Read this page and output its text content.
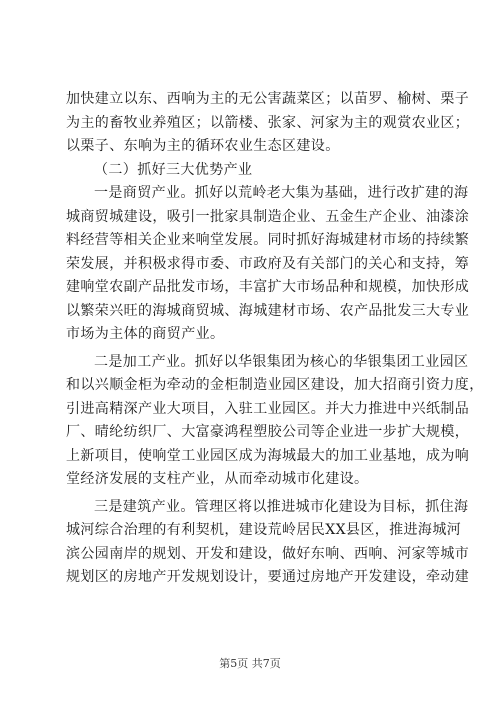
加快建立以东、西响为主的无公害蔬菜区；以苗罗、榆树、栗子
为主的畜牧业养殖区；以箭楼、张家、河家为主的观赏农业区；
以栗子、东响为主的循环农业生态区建设。
（二）抓好三大优势产业
一是商贸产业。抓好以荒岭老大集为基础，进行改扩建的海
城商贸城建设，吸引一批家具制造企业、五金生产企业、油漆涂
料经营等相关企业来响堂发展。同时抓好海城建材市场的持续繁
荣发展，并积极求得市委、市政府及有关部门的关心和支持，筹
建响堂农副产品批发市场，丰富扩大市场品种和规模，加快形成
以繁荣兴旺的海城商贸城、海城建材市场、农产品批发三大专业
市场为主体的商贸产业。
二是加工产业。抓好以华银集团为核心的华银集团工业园区
和以兴顺金柜为牵动的金柜制造业园区建设，加大招商引资力度，
引进高精深产业大项目，入驻工业园区。并大力推进中兴纸制品
厂、晴纶纺织厂、大富豪鸿程塑胶公司等企业进一步扩大规模，
上新项目，使响堂工业园区成为海城最大的加工业基地，成为响
堂经济发展的支柱产业，从而牵动城市化建设。
三是建筑产业。管理区将以推进城市化建设为目标，抓住海
城河综合治理的有利契机，建设荒岭居民XX县区，推进海城河
滨公园南岸的规划、开发和建设，做好东响、西响、河家等城市
规划区的房地产开发规划设计，要通过房地产开发建设，牵动建
第5页 共7页
